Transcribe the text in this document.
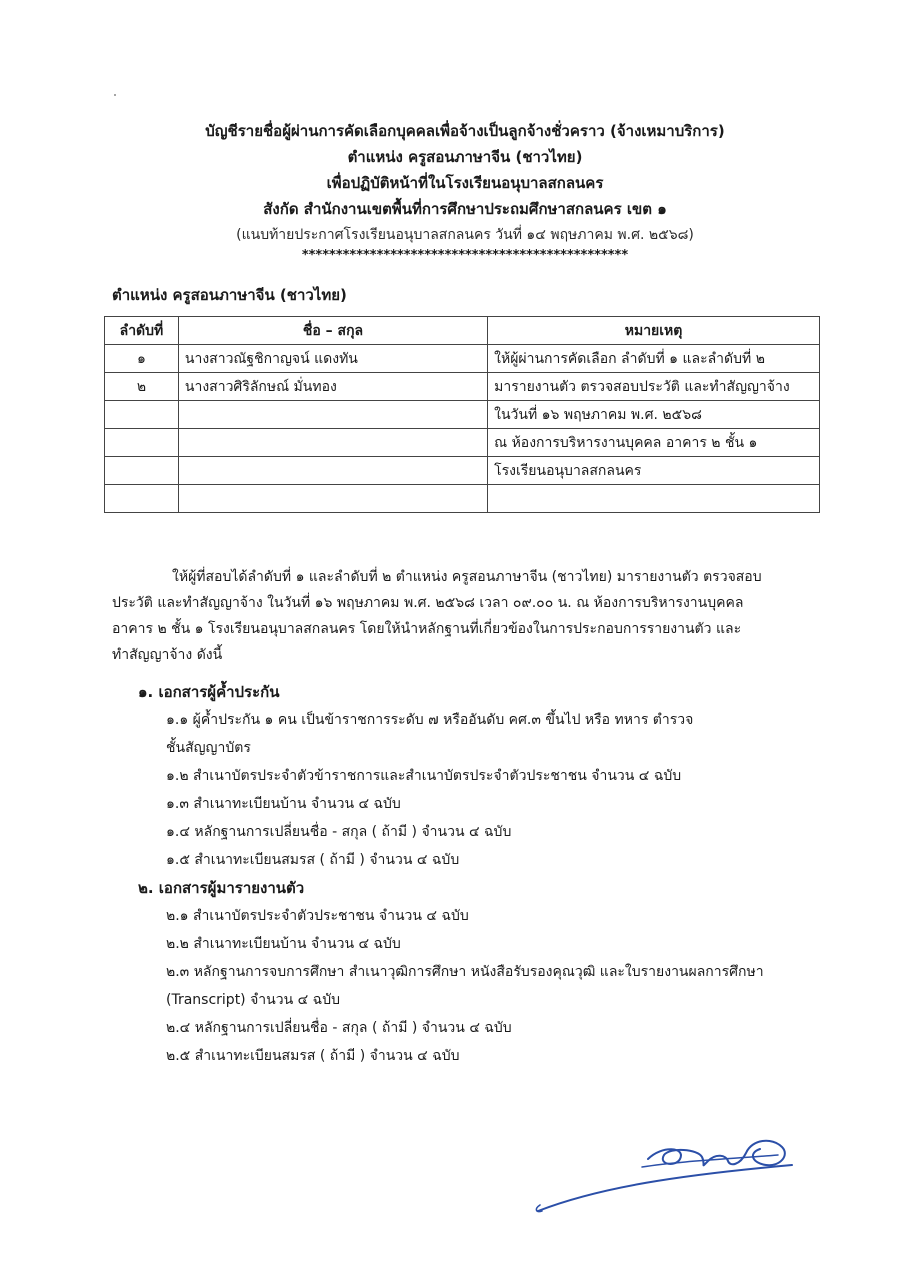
บัญชีรายชื่อผู้ผ่านการคัดเลือกบุคคลเพื่อจ้างเป็นลูกจ้างชั่วคราว (จ้างเหมาบริการ)
ตำแหน่ง ครูสอนภาษาจีน (ชาวไทย)
เพื่อปฏิบัติหน้าที่ในโรงเรียนอนุบาลสกลนคร
สังกัด สำนักงานเขตพื้นที่การศึกษาประถมศึกษาสกลนคร เขต ๑
(แนบท้ายประกาศโรงเรียนอนุบาลสกลนคร วันที่ ๑๔ พฤษภาคม พ.ศ. ๒๕๖๘)
************************************************
ตำแหน่ง ครูสอนภาษาจีน (ชาวไทย)
ลำดับที่	ชื่อ – สกุล	หมายเหตุ
๑	นางสาวณัฐชิกาญจน์ แดงทัน	ให้ผู้ผ่านการคัดเลือก ลำดับที่ ๑ และลำดับที่ ๒
๒	นางสาวศิริลักษณ์ มั่นทอง	มารายงานตัว ตรวจสอบประวัติ และทำสัญญาจ้าง
		ในวันที่ ๑๖ พฤษภาคม พ.ศ. ๒๕๖๘
		ณ ห้องการบริหารงานบุคคล อาคาร ๒ ชั้น ๑
		โรงเรียนอนุบาลสกลนคร

ให้ผู้ที่สอบได้ลำดับที่ ๑ และลำดับที่ ๒ ตำแหน่ง ครูสอนภาษาจีน (ชาวไทย) มารายงานตัว ตรวจสอบ
ประวัติ และทำสัญญาจ้าง ในวันที่ ๑๖ พฤษภาคม พ.ศ. ๒๕๖๘ เวลา ๐๙.๐๐ น. ณ ห้องการบริหารงานบุคคล
อาคาร ๒ ชั้น ๑ โรงเรียนอนุบาลสกลนคร โดยให้นำหลักฐานที่เกี่ยวข้องในการประกอบการรายงานตัว และ
ทำสัญญาจ้าง ดังนี้
๑. เอกสารผู้ค้ำประกัน
๑.๑ ผู้ค้ำประกัน ๑ คน เป็นข้าราชการระดับ ๗ หรืออันดับ คศ.๓ ขึ้นไป หรือ ทหาร ตำรวจ
ชั้นสัญญาบัตร
๑.๒ สำเนาบัตรประจำตัวข้าราชการและสำเนาบัตรประจำตัวประชาชน จำนวน ๔ ฉบับ
๑.๓ สำเนาทะเบียนบ้าน จำนวน ๔ ฉบับ
๑.๔ หลักฐานการเปลี่ยนชื่อ - สกุล ( ถ้ามี ) จำนวน ๔ ฉบับ
๑.๕ สำเนาทะเบียนสมรส ( ถ้ามี ) จำนวน ๔ ฉบับ
๒. เอกสารผู้มารายงานตัว
๒.๑ สำเนาบัตรประจำตัวประชาชน จำนวน ๔ ฉบับ
๒.๒ สำเนาทะเบียนบ้าน จำนวน ๔ ฉบับ
๒.๓ หลักฐานการจบการศึกษา สำเนาวุฒิการศึกษา หนังสือรับรองคุณวุฒิ และใบรายงานผลการศึกษา
(Transcript) จำนวน ๔ ฉบับ
๒.๔ หลักฐานการเปลี่ยนชื่อ - สกุล ( ถ้ามี ) จำนวน ๔ ฉบับ
๒.๕ สำเนาทะเบียนสมรส ( ถ้ามี ) จำนวน ๔ ฉบับ
